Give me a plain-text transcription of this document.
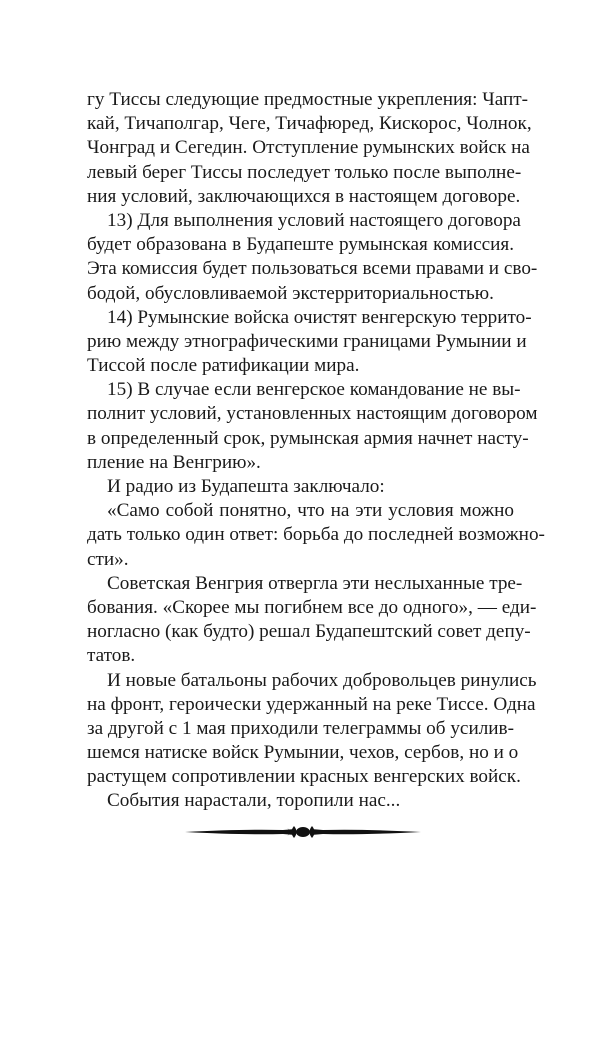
гу Тиссы следующие предмостные укрепления: Чапт-
кай, Тичаполгар, Чеге, Тичафюред, Кискорос, Чолнок,
Чонград и Сегедин. Отступление румынских войск на
левый берег Тиссы последует только после выполне-
ния условий, заключающихся в настоящем договоре.
13) Для выполнения условий настоящего договора
будет образована в Будапеште румынская комиссия.
Эта комиссия будет пользоваться всеми правами и сво-
бодой, обусловливаемой экстерриториальностью.
14) Румынские войска очистят венгерскую террито-
рию между этнографическими границами Румынии и
Тиссой после ратификации мира.
15) В случае если венгерское командование не вы-
полнит условий, установленных настоящим договором
в определенный срок, румынская армия начнет насту-
пление на Венгрию».
И радио из Будапешта заключало:
«Само собой понятно, что на эти условия можно
дать только один ответ: борьба до последней возможно-
сти».
Советская Венгрия отвергла эти неслыханные тре-
бования. «Скорее мы погибнем все до одного», — еди-
ногласно (как будто) решал Будапештский совет депу-
татов.
И новые батальоны рабочих добровольцев ринулись
на фронт, героически удержанный на реке Тиссе. Одна
за другой с 1 мая приходили телеграммы об усилив-
шемся натиске войск Румынии, чехов, сербов, но и о
растущем сопротивлении красных венгерских войск.
События нарастали, торопили нас...
